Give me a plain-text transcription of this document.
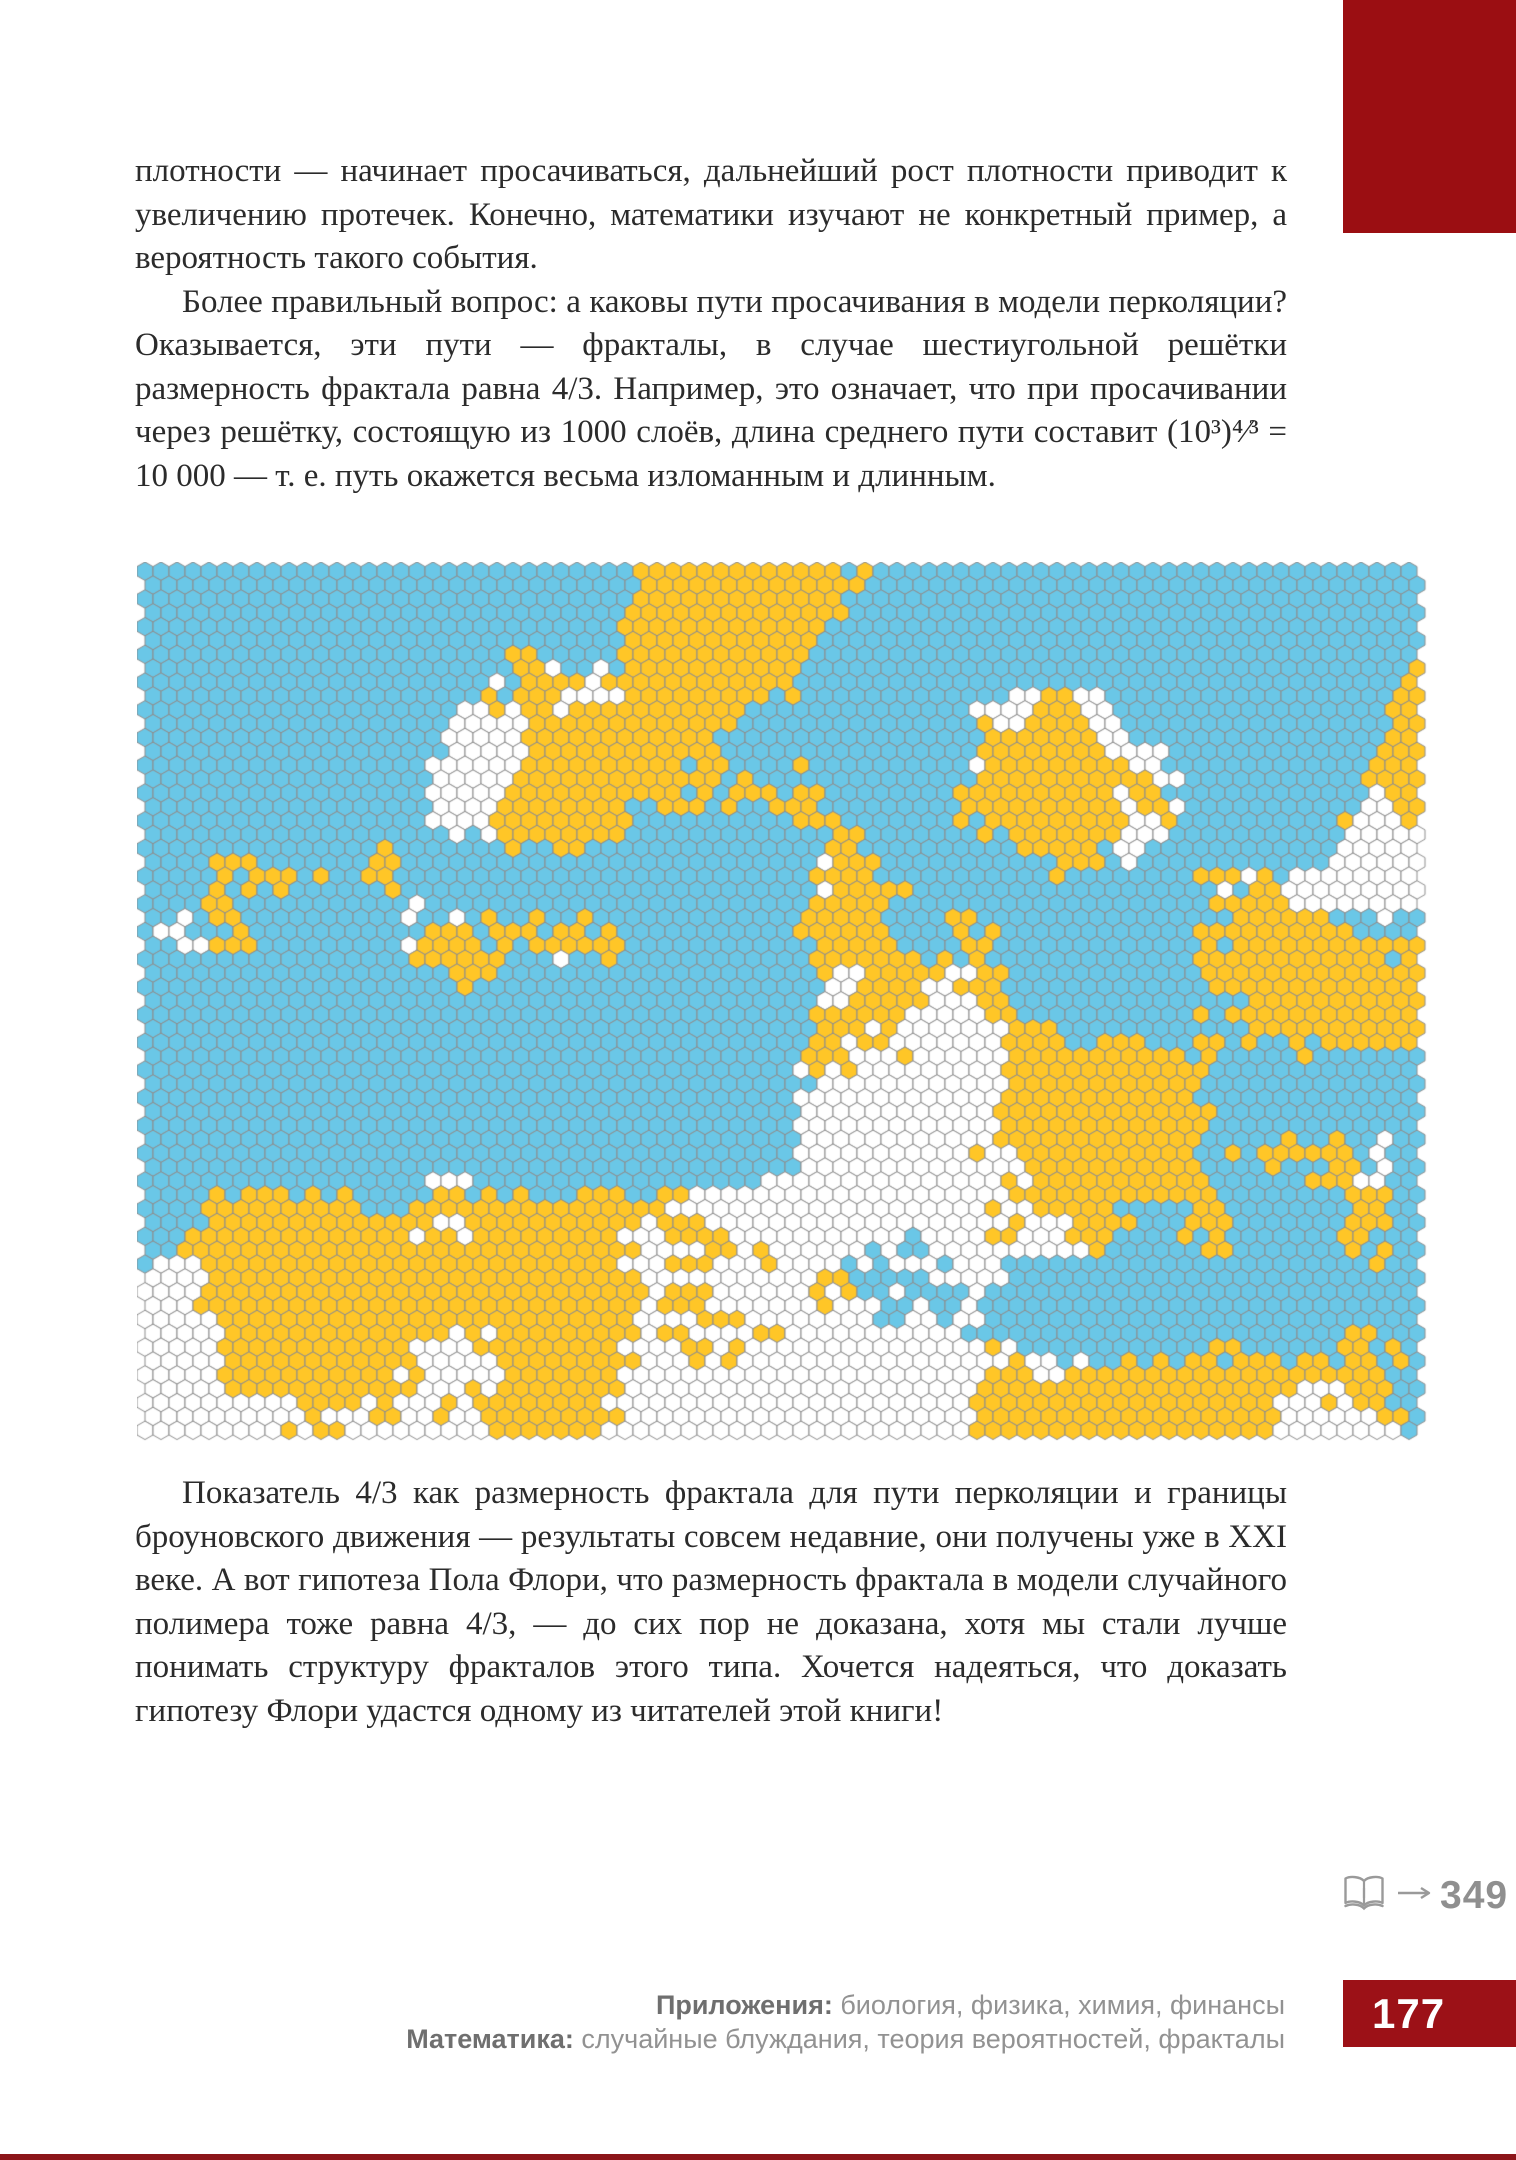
плотности — начинает просачиваться, дальнейший рост плотности приводит к увеличению протечек. Конечно, математики изучают не конкретный пример, а вероятность такого события.

Более правильный вопрос: а каковы пути просачивания в модели перколяции? Оказывается, эти пути — фракталы, в случае шестиугольной решётки размерность фрактала равна 4/3. Например, это означает, что при просачивании через решётку, состоящую из 1000 слоёв, длина среднего пути составит (10³)⁴⁄³ = 10 000 — т. е. путь окажется весьма изломанным и длинным.

Показатель 4/3 как размерность фрактала для пути перколяции и границы броуновского движения — результаты совсем недавние, они получены уже в XXI веке. А вот гипотеза Пола Флори, что размерность фрактала в модели случайного полимера тоже равна 4/3, — до сих пор не доказана, хотя мы стали лучше понимать структуру фракталов этого типа. Хочется надеяться, что доказать гипотезу Флори удастся одному из читателей этой книги!

349
Приложения: биология, физика, химия, финансы
Математика: случайные блуждания, теория вероятностей, фракталы
177
